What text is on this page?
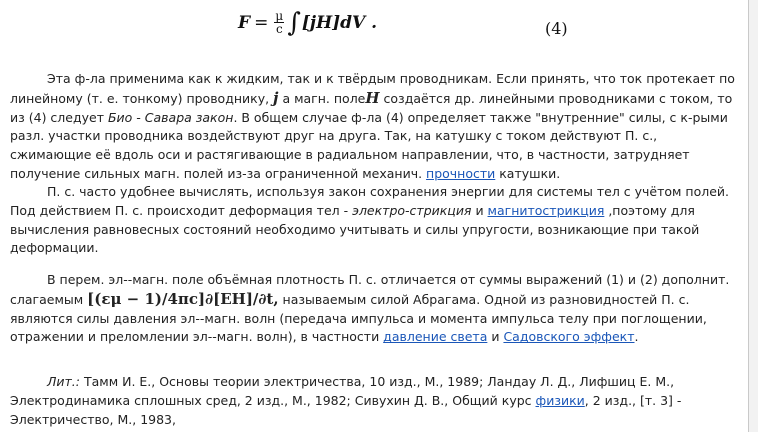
$F = \frac{\mu}{c}$ ∫ [jH]dV .	(4)

Эта ф-ла применима как к жидким, так и к твёрдым проводникам. Если принять, что ток протекает по линейному (т. е. тонкому) проводнику, j а магн. полеH создаётся др. линейными проводниками с током, то из (4) следует Био - Савара закон. В общем случае ф-ла (4) определяет также "внутренние" силы, с к-рыми разл. участки проводника воздействуют друг на друга. Так, на катушку с током действуют П. с., сжимающие её вдоль оси и растягивающие в радиальном направлении, что, в частности, затрудняет получение сильных магн. полей из-за ограниченной механич. прочности катушки.

П. с. часто удобнее вычислять, используя закон сохранения энергии для системы тел с учётом полей. Под действием П. с. происходит деформация тел - электро-стрикция и магнитострикция ,поэтому для вычисления равновесных состояний необходимо учитывать и силы упругости, возникающие при такой деформации.

В перем. эл--магн. поле объёмная плотность П. с. отличается от суммы выражений (1) и (2) дополнит. слагаемым [(εμ − 1)/4πc]∂[EH]/∂t, называемым силой Абрагама. Одной из разновидностей П. с. являются силы давления эл--магн. волн (передача импульса и момента импульса телу при поглощении, отражении и преломлении эл--магн. волн), в частности давление света и Садовского эффект.

Лит.: Тамм И. Е., Основы теории электричества, 10 изд., М., 1989; Ландау Л. Д., Лифшиц Е. М., Электродинамика сплошных сред, 2 изд., М., 1982; Сивухин Д. В., Общий курс физики, 2 изд., [т. 3] - Электричество, М., 1983,
